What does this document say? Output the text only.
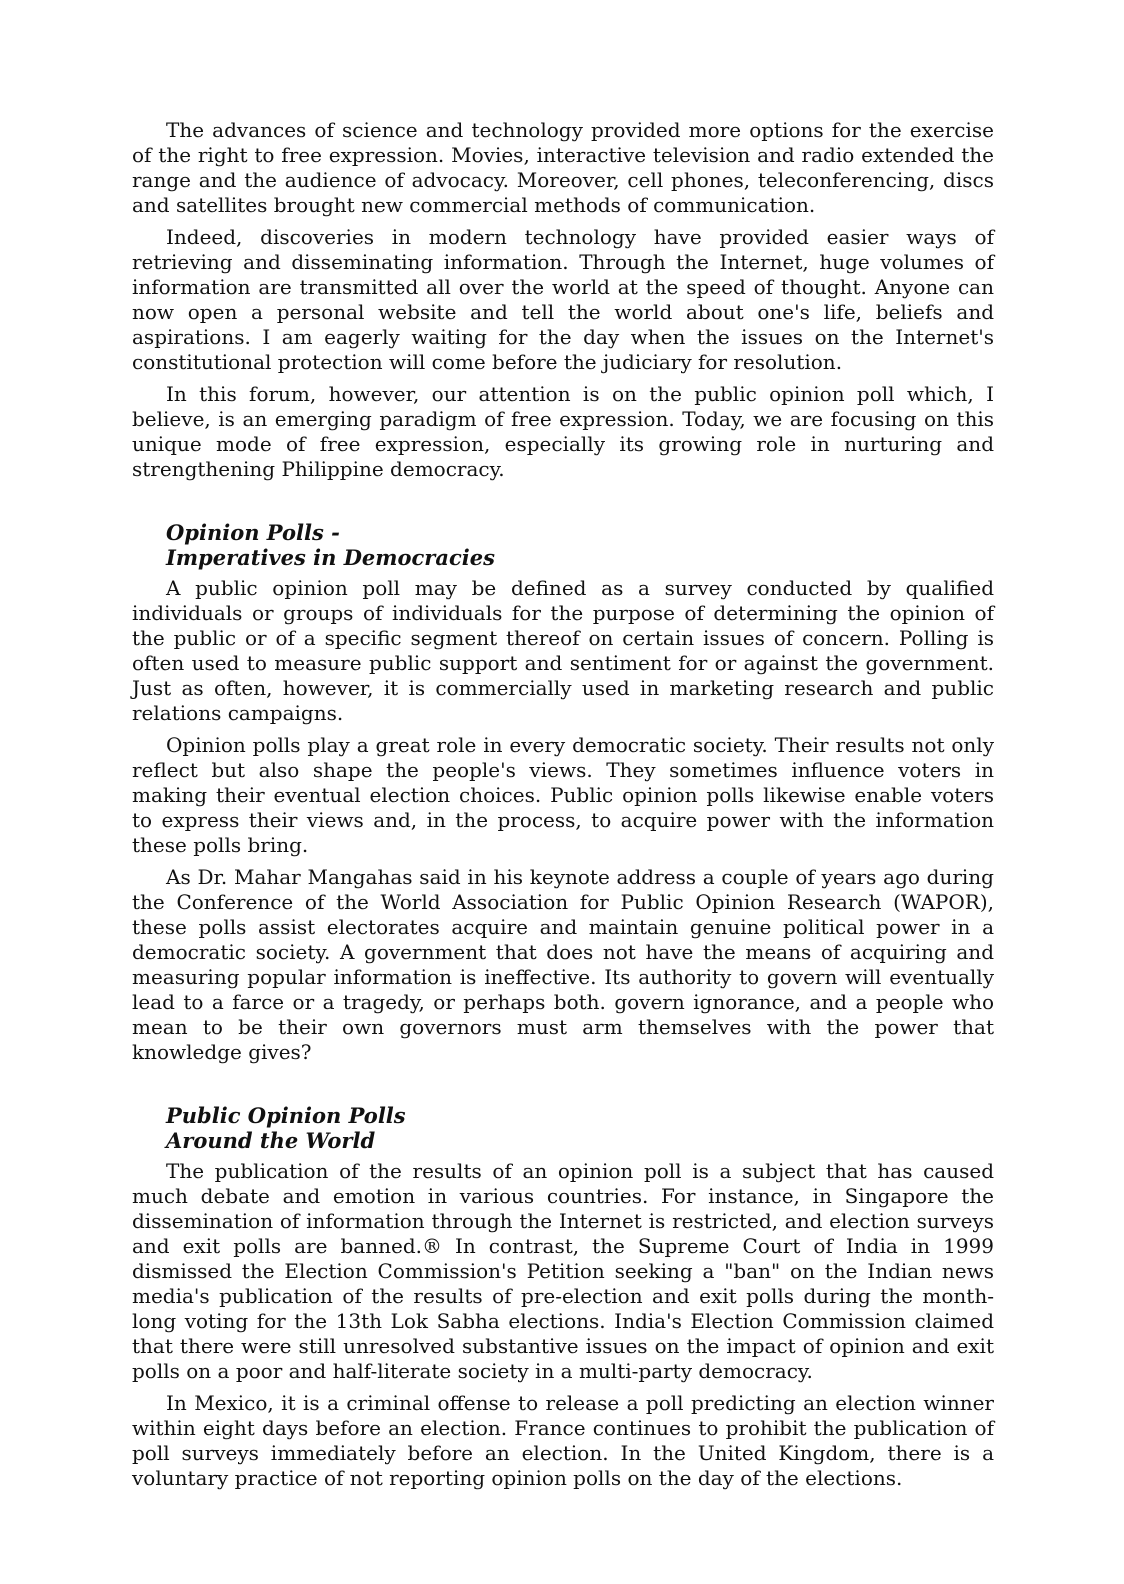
The advances of science and technology provided more options for the exercise of the right to free expression. Movies, interactive television and radio extended the range and the audience of advocacy. Moreover, cell phones, teleconferencing, discs and satellites brought new commercial methods of communication.

Indeed, discoveries in modern technology have provided easier ways of retrieving and disseminating information. Through the Internet, huge volumes of information are transmitted all over the world at the speed of thought. Anyone can now open a personal website and tell the world about one's life, beliefs and aspirations. I am eagerly waiting for the day when the issues on the Internet's constitutional protection will come before the judiciary for resolution.

In this forum, however, our attention is on the public opinion poll which, I believe, is an emerging paradigm of free expression. Today, we are focusing on this unique mode of free expression, especially its growing role in nurturing and strengthening Philippine democracy.

Opinion Polls -
Imperatives in Democracies

A public opinion poll may be defined as a survey conducted by qualified individuals or groups of individuals for the purpose of determining the opinion of the public or of a specific segment thereof on certain issues of concern. Polling is often used to measure public support and sentiment for or against the government. Just as often, however, it is commercially used in marketing research and public relations campaigns.

Opinion polls play a great role in every democratic society. Their results not only reflect but also shape the people's views. They sometimes influence voters in making their eventual election choices. Public opinion polls likewise enable voters to express their views and, in the process, to acquire power with the information these polls bring.

As Dr. Mahar Mangahas said in his keynote address a couple of years ago during the Conference of the World Association for Public Opinion Research (WAPOR), these polls assist electorates acquire and maintain genuine political power in a democratic society. A government that does not have the means of acquiring and measuring popular information is ineffective. Its authority to govern will eventually lead to a farce or a tragedy, or perhaps both. govern ignorance, and a people who mean to be their own governors must arm themselves with the power that knowledge gives?

Public Opinion Polls
Around the World

The publication of the results of an opinion poll is a subject that has caused much debate and emotion in various countries. For instance, in Singapore the dissemination of information through the Internet is restricted, and election surveys and exit polls are banned.® In contrast, the Supreme Court of India in 1999 dismissed the Election Commission's Petition seeking a "ban" on the Indian news media's publication of the results of pre-election and exit polls during the month-long voting for the 13th Lok Sabha elections. India's Election Commission claimed that there were still unresolved substantive issues on the impact of opinion and exit polls on a poor and half-literate society in a multi-party democracy.

In Mexico, it is a criminal offense to release a poll predicting an election winner within eight days before an election. France continues to prohibit the publication of poll surveys immediately before an election. In the United Kingdom, there is a voluntary practice of not reporting opinion polls on the day of the elections.
